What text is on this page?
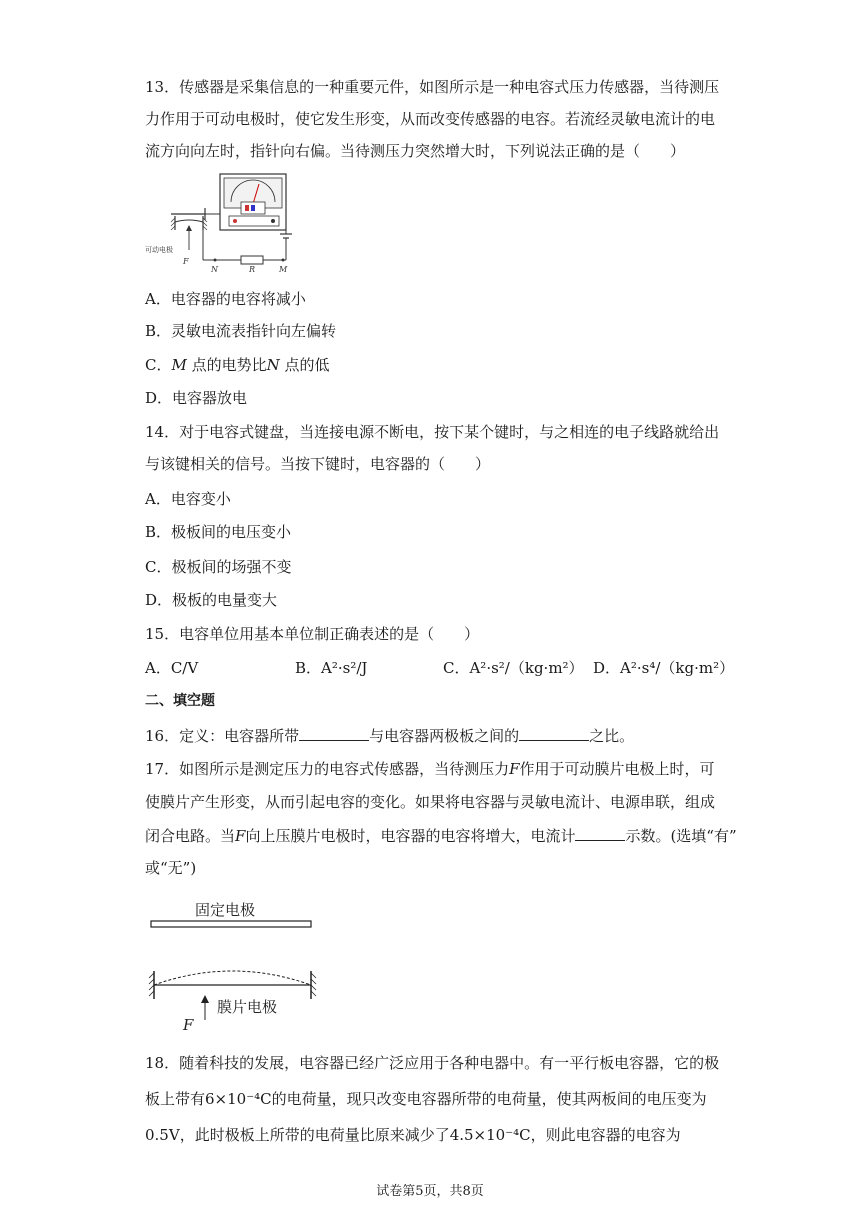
13．传感器是采集信息的一种重要元件，如图所示是一种电容式压力传感器，当待测压
力作用于可动电极时，使它发生形变，从而改变传感器的电容。若流经灵敏电流计的电
流方向向左时，指针向右偏。当待测压力突然增大时，下列说法正确的是（　　）
可动电极
F
N	R	M
A．电容器的电容将减小
B．灵敏电流表指针向左偏转
C．M 点的电势比N 点的低
D．电容器放电
14．对于电容式键盘，当连接电源不断电，按下某个键时，与之相连的电子线路就给出
与该键相关的信号。当按下键时，电容器的（　　）
A．电容变小
B．极板间的电压变小
C．极板间的场强不变
D．极板的电量变大
15．电容单位用基本单位制正确表述的是（　　）
A．C/V	B．A²·s²/J	C．A²·s²/（kg·m²） D．A²·s⁴/（kg·m²）
二、填空题
16．定义：电容器所带	与电容器两极板之间的	之比。
17．如图所示是测定压力的电容式传感器，当待测压力F作用于可动膜片电极上时，可
使膜片产生形变，从而引起电容的变化。如果将电容器与灵敏电流计、电源串联，组成
闭合电路。当F向上压膜片电极时，电容器的电容将增大，电流计	示数。(选填“有”
或“无”)
固定电极
膜片电极
F
18．随着科技的发展，电容器已经广泛应用于各种电器中。有一平行板电容器，它的极
板上带有6×10⁻⁴C的电荷量，现只改变电容器所带的电荷量，使其两板间的电压变为
0.5V，此时极板上所带的电荷量比原来减少了4.5×10⁻⁴C，则此电容器的电容为
试卷第5页，共8页
